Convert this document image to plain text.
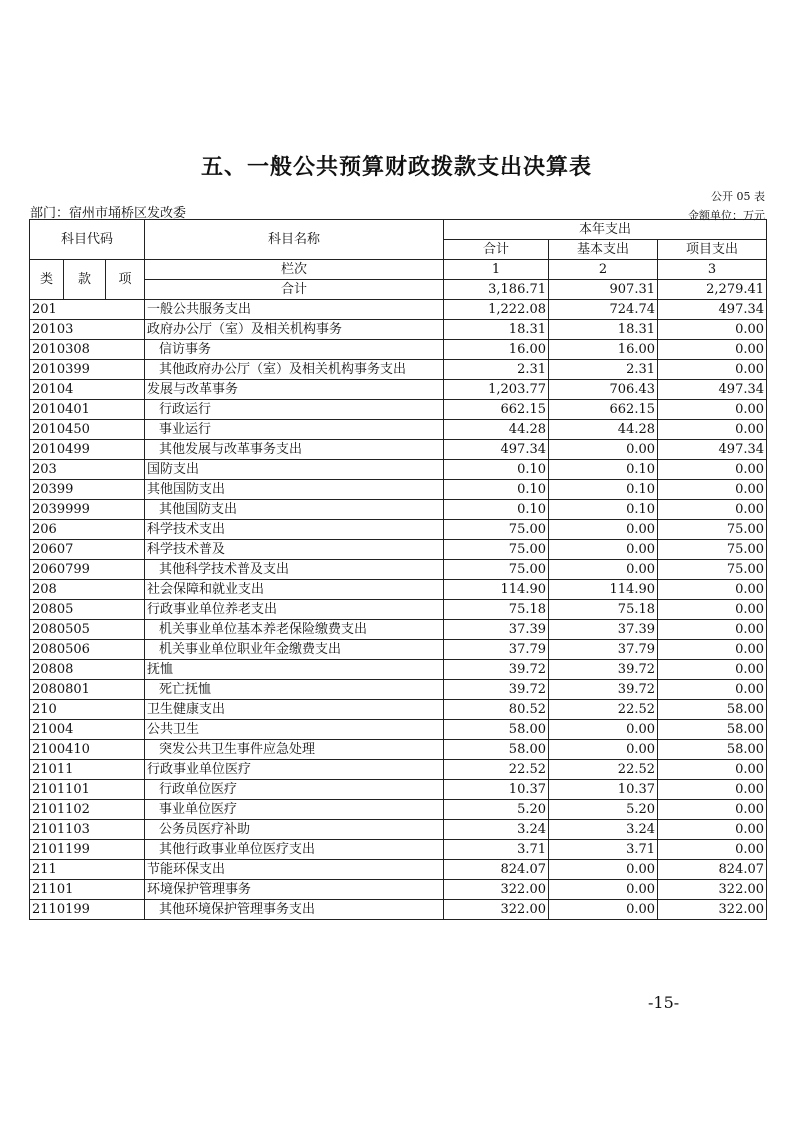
五、一般公共预算财政拨款支出决算表
公开 05 表
部门：宿州市埇桥区发改委	金额单位：万元
科目代码			科目名称	本年支出		
				合计	基本支出	项目支出
类	款	项	栏次	1	2	3
			合计	3,186.71	907.31	2,279.41
201			一般公共服务支出	1,222.08	724.74	497.34
20103			政府办公厅（室）及相关机构事务	18.31	18.31	0.00
2010308			信访事务	16.00	16.00	0.00
2010399			其他政府办公厅（室）及相关机构事务支出	2.31	2.31	0.00
20104			发展与改革事务	1,203.77	706.43	497.34
2010401			行政运行	662.15	662.15	0.00
2010450			事业运行	44.28	44.28	0.00
2010499			其他发展与改革事务支出	497.34	0.00	497.34
203			国防支出	0.10	0.10	0.00
20399			其他国防支出	0.10	0.10	0.00
2039999			其他国防支出	0.10	0.10	0.00
206			科学技术支出	75.00	0.00	75.00
20607			科学技术普及	75.00	0.00	75.00
2060799			其他科学技术普及支出	75.00	0.00	75.00
208			社会保障和就业支出	114.90	114.90	0.00
20805			行政事业单位养老支出	75.18	75.18	0.00
2080505			机关事业单位基本养老保险缴费支出	37.39	37.39	0.00
2080506			机关事业单位职业年金缴费支出	37.79	37.79	0.00
20808			抚恤	39.72	39.72	0.00
2080801			死亡抚恤	39.72	39.72	0.00
210			卫生健康支出	80.52	22.52	58.00
21004			公共卫生	58.00	0.00	58.00
2100410			突发公共卫生事件应急处理	58.00	0.00	58.00
21011			行政事业单位医疗	22.52	22.52	0.00
2101101			行政单位医疗	10.37	10.37	0.00
2101102			事业单位医疗	5.20	5.20	0.00
2101103			公务员医疗补助	3.24	3.24	0.00
2101199			其他行政事业单位医疗支出	3.71	3.71	0.00
211			节能环保支出	824.07	0.00	824.07
21101			环境保护管理事务	322.00	0.00	322.00
2110199			其他环境保护管理事务支出	322.00	0.00	322.00
-15-
